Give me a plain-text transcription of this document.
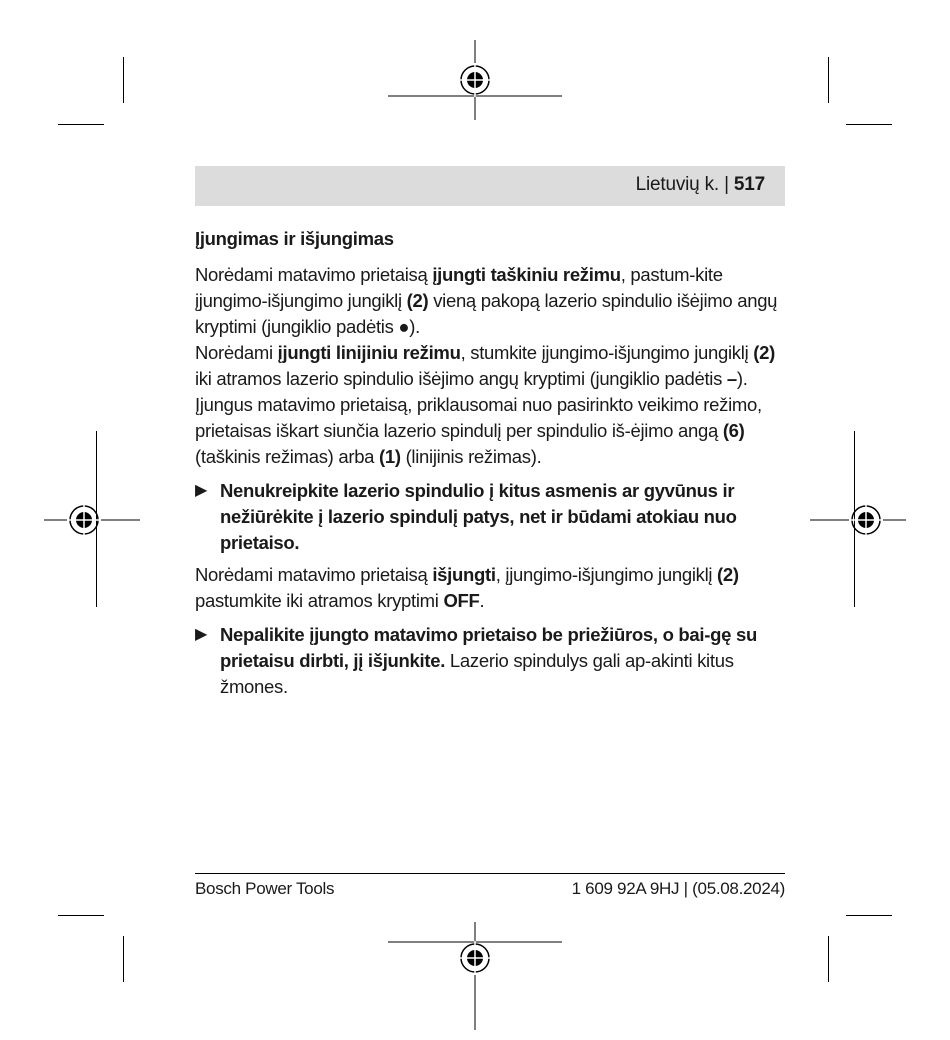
Lietuvių k. | 517

Įjungimas ir išjungimas

Norėdami matavimo prietaisą įjungti taškiniu režimu, pastum-kite įjungimo-išjungimo jungiklį (2) vieną pakopą lazerio spindulio išėjimo angų kryptimi (jungiklio padėtis ●).

Norėdami įjungti linijiniu režimu, stumkite įjungimo-išjungimo jungiklį (2) iki atramos lazerio spindulio išėjimo angų kryptimi (jungiklio padėtis –).

Įjungus matavimo prietaisą, priklausomai nuo pasirinkto veikimo režimo, prietaisas iškart siunčia lazerio spindulį per spindulio iš-ėjimo angą (6) (taškinis režimas) arba (1) (linijinis režimas).

▶ Nenukreipkite lazerio spindulio į kitus asmenis ar gyvūnus ir nežiūrėkite į lazerio spindulį patys, net ir būdami atokiau nuo prietaiso.

Norėdami matavimo prietaisą išjungti, įjungimo-išjungimo jungiklį (2) pastumkite iki atramos kryptimi OFF.

▶ Nepalikite įjungto matavimo prietaiso be priežiūros, o bai-gę su prietaisu dirbti, jį išjunkite. Lazerio spindulys gali ap-akinti kitus žmones.

Bosch Power Tools	1 609 92A 9HJ | (05.08.2024)
